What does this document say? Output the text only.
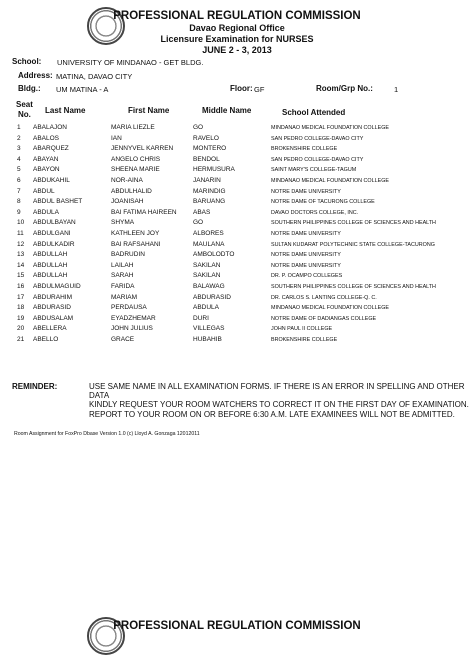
PROFESSIONAL REGULATION COMMISSION
Davao Regional Office
Licensure Examination for NURSES
JUNE 2 - 3, 2013
School: UNIVERSITY OF MINDANAO - GET BLDG.
Address: MATINA, DAVAO CITY
Bldg.: UM MATINA - A	Floor: GF	Room/Grp No.:	1
Seat
No. Last Name	First Name	Middle Name	School Attended
1 ABALAJON	MARIA LIEZLE	GO	MINDANAO MEDICAL FOUNDATION COLLEGE
2 ABALOS	IAN	RAVELO	SAN PEDRO COLLEGE-DAVAO CITY
3 ABARQUEZ	JENNYVEL KARREN	MONTERO	BROKENSHIRE COLLEGE
4 ABAYAN	ANGELO CHRIS	BENDOL	SAN PEDRO COLLEGE-DAVAO CITY
5 ABAYON	SHEENA MARIE	HERMUSURA	SAINT MARY'S COLLEGE-TAGUM
6 ABDUKAHIL	NOR-AINA	JANARIN	MINDANAO MEDICAL FOUNDATION COLLEGE
7 ABDUL	ABDULHALID	MARINDIG	NOTRE DAME UNIVERSITY
8 ABDUL BASHET	JOANISAH	BARUANG	NOTRE DAME OF TACURONG COLLEGE
9 ABDULA	BAI FATIMA HAIREEN	ABAS	DAVAO DOCTORS COLLEGE, INC.
10 ABDULBAYAN	SHYMA	GO	SOUTHERN PHILIPPINES COLLEGE OF SCIENCES AND HEALTH
11 ABDULGANI	KATHLEEN JOY	ALBORES	NOTRE DAME UNIVERSITY
12 ABDULKADIR	BAI RAFSAHANI	MAULANA	SULTAN KUDARAT POLYTECHNIC STATE COLLEGE-TACURONG
13 ABDULLAH	BADRUDIN	AMBOLODTO	NOTRE DAME UNIVERSITY
14 ABDULLAH	LAILAH	SAKILAN	NOTRE DAME UNIVERSITY
15 ABDULLAH	SARAH	SAKILAN	DR. P. OCAMPO COLLEGES
16 ABDULMAGUID	FARIDA	BALAWAG	SOUTHERN PHILIPPINES COLLEGE OF SCIENCES AND HEALTH
17 ABDURAHIM	MARIAM	ABDURASID	DR. CARLOS S. LANTING COLLEGE-Q. C.
18 ABDURASID	PERDAUSA	ABDULA	MINDANAO MEDICAL FOUNDATION COLLEGE
19 ABDUSALAM	EYADZHEMAR	DURI	NOTRE DAME OF DADIANGAS COLLEGE
20 ABELLERA	JOHN JULIUS	VILLEGAS	JOHN PAUL II COLLEGE
21 ABELLO	GRACE	HUBAHIB	BROKENSHIRE COLLEGE
REMINDER:	USE SAME NAME IN ALL EXAMINATION FORMS. IF THERE IS AN ERROR IN SPELLING AND OTHER DATA
KINDLY REQUEST YOUR ROOM WATCHERS TO CORRECT IT ON THE FIRST DAY OF EXAMINATION.
REPORT TO YOUR ROOM ON OR BEFORE 6:30 A.M. LATE EXAMINEES WILL NOT BE ADMITTED.
Room Assignment for FoxPro Dbase Version 1.0 (c) Lloyd A. Gonzaga 12012011
PROFESSIONAL REGULATION COMMISSION
